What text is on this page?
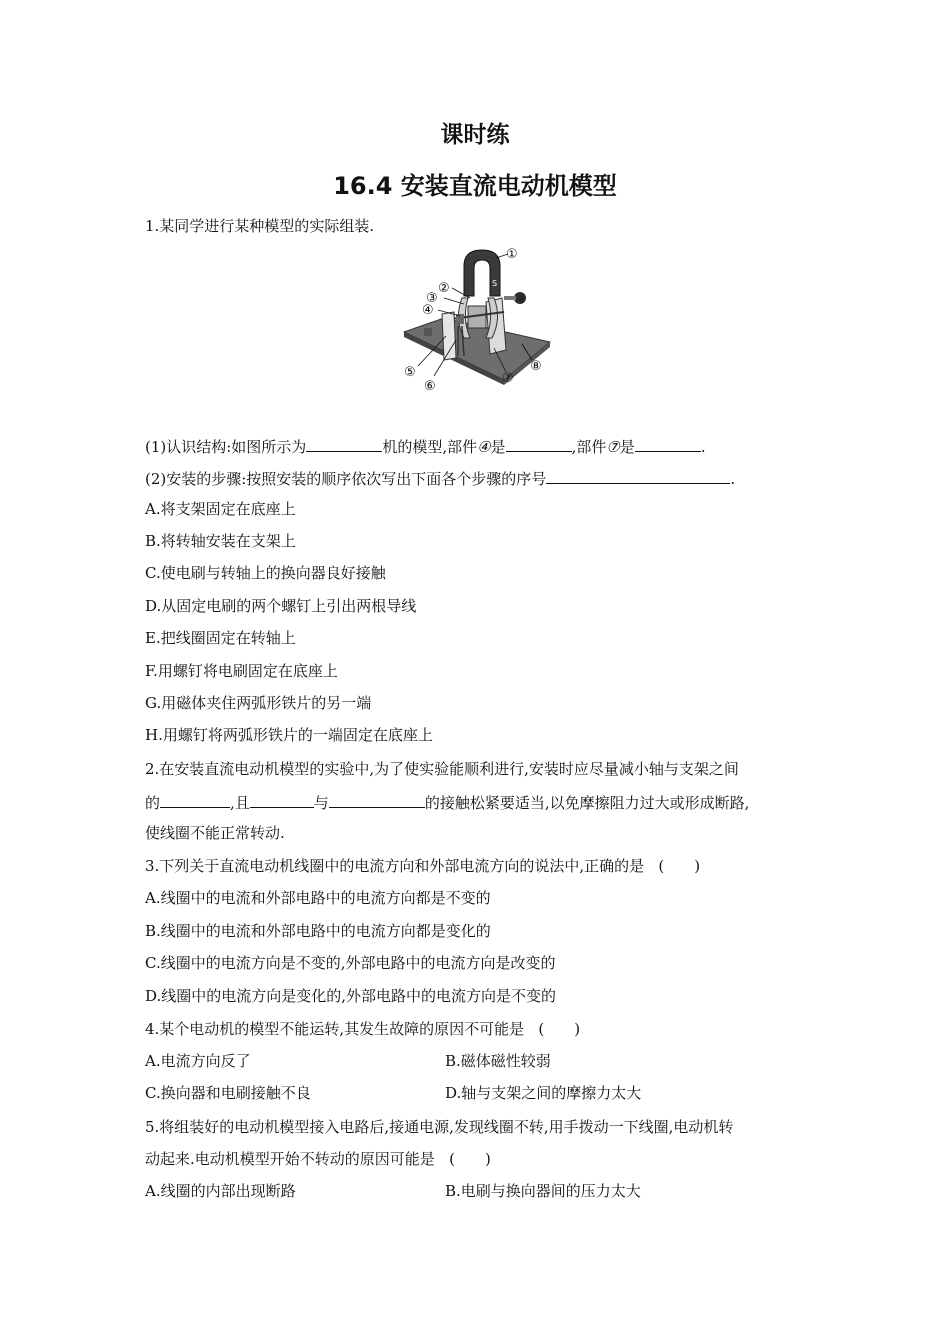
课时练
16.4 安装直流电动机模型
1.某同学进行某种模型的实际组装.
S
①
②
③
④
⑤
⑥
⑦
⑧
(1)认识结构:如图所示为	机的模型,部件④是	,部件⑦是	.
(2)安装的步骤:按照安装的顺序依次写出下面各个步骤的序号	.
A.将支架固定在底座上
B.将转轴安装在支架上
C.使电刷与转轴上的换向器良好接触
D.从固定电刷的两个螺钉上引出两根导线
E.把线圈固定在转轴上
F.用螺钉将电刷固定在底座上
G.用磁体夹住两弧形铁片的另一端
H.用螺钉将两弧形铁片的一端固定在底座上
2.在安装直流电动机模型的实验中,为了使实验能顺利进行,安装时应尽量减小轴与支架之间
的	,且	与	的接触松紧要适当,以免摩擦阻力过大或形成断路,
使线圈不能正常转动.
3.下列关于直流电动机线圈中的电流方向和外部电流方向的说法中,正确的是 (　　)
A.线圈中的电流和外部电路中的电流方向都是不变的
B.线圈中的电流和外部电路中的电流方向都是变化的
C.线圈中的电流方向是不变的,外部电路中的电流方向是改变的
D.线圈中的电流方向是变化的,外部电路中的电流方向是不变的
4.某个电动机的模型不能运转,其发生故障的原因不可能是 (　　)
A.电流方向反了	B.磁体磁性较弱
C.换向器和电刷接触不良	D.轴与支架之间的摩擦力太大
5.将组装好的电动机模型接入电路后,接通电源,发现线圈不转,用手拨动一下线圈,电动机转
动起来.电动机模型开始不转动的原因可能是 (　　)
A.线圈的内部出现断路	B.电刷与换向器间的压力太大
